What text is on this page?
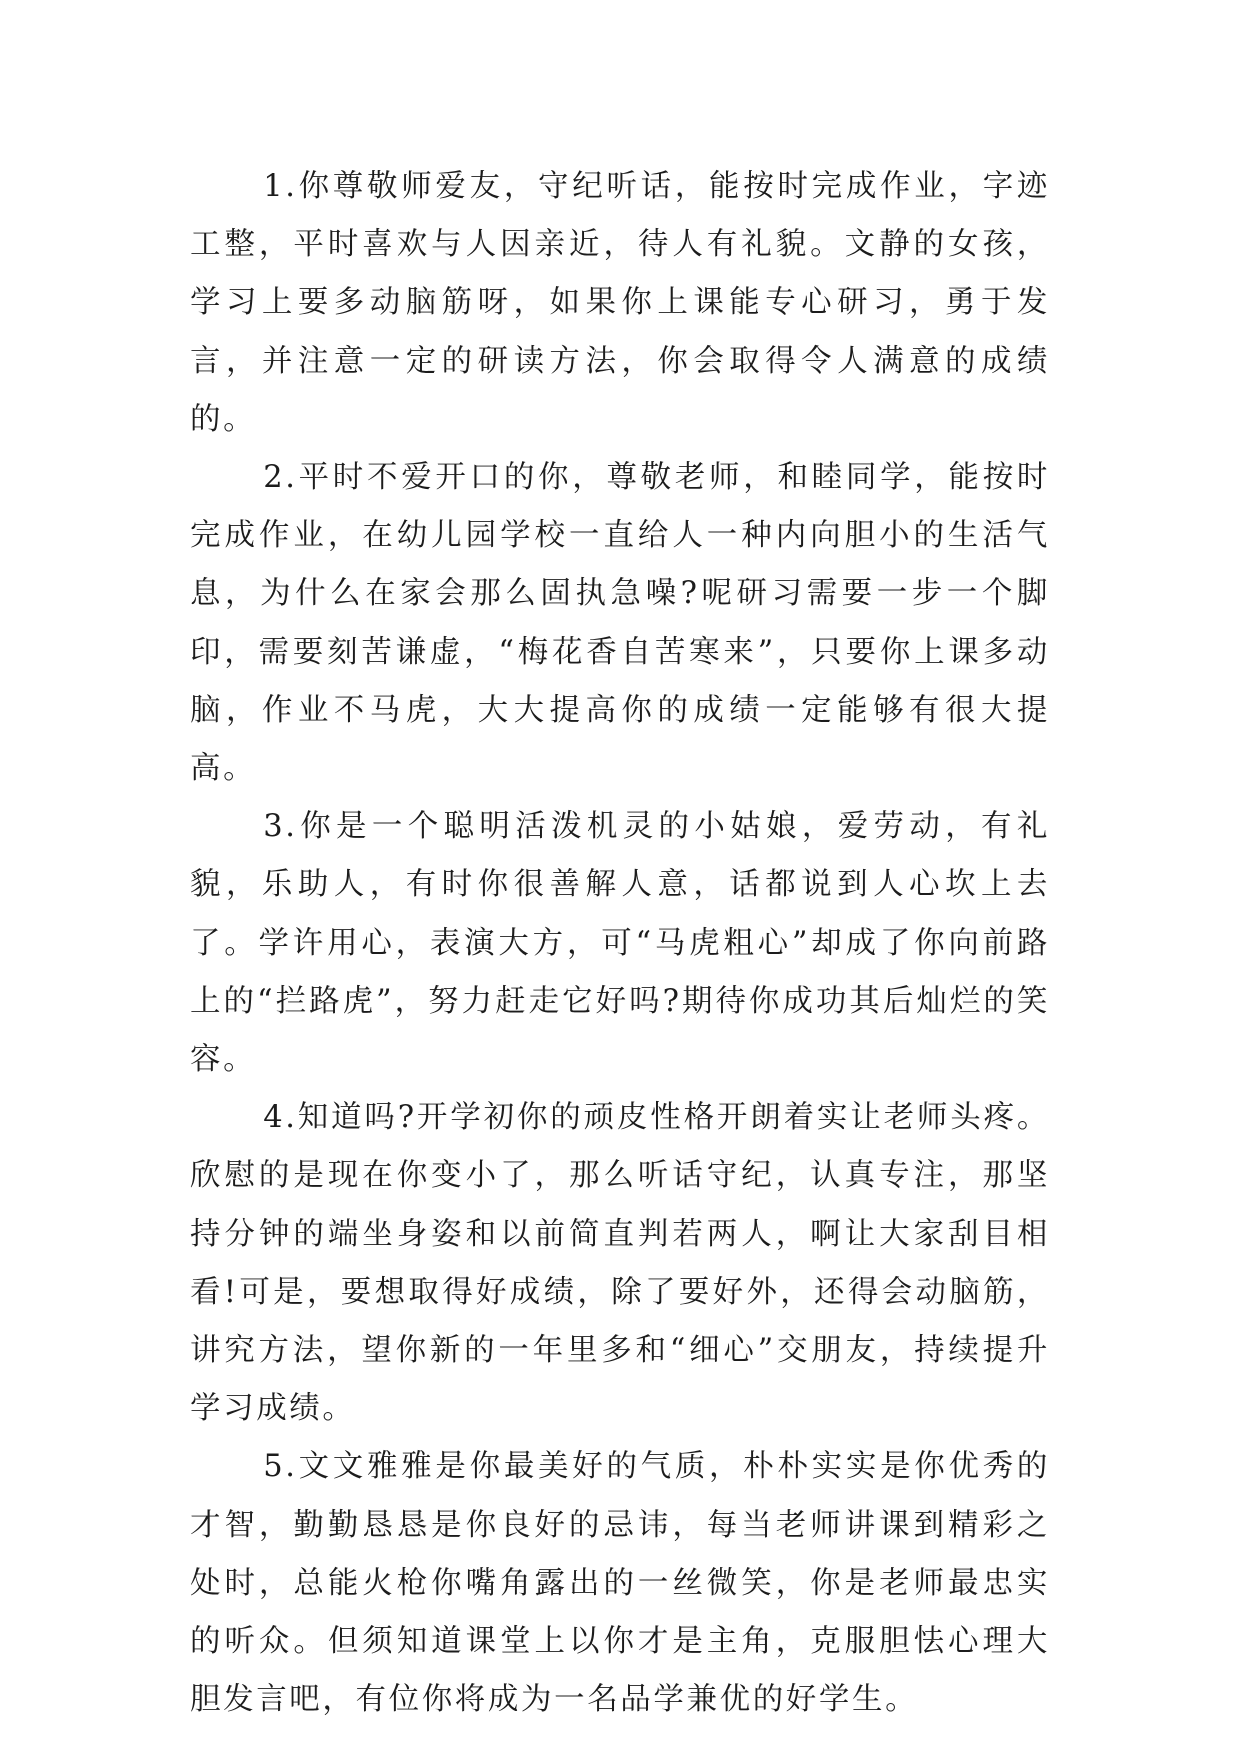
1.你尊敬师爱友，守纪听话，能按时完成作业，字迹工整，平时喜欢与人因亲近，待人有礼貌。文静的女孩，学习上要多动脑筋呀，如果你上课能专心研习，勇于发言，并注意一定的研读方法，你会取得令人满意的成绩的。

2.平时不爱开口的你，尊敬老师，和睦同学，能按时完成作业，在幼儿园学校一直给人一种内向胆小的生活气息，为什么在家会那么固执急噪?呢研习需要一步一个脚印，需要刻苦谦虚，“梅花香自苦寒来”，只要你上课多动脑，作业不马虎，大大提高你的成绩一定能够有很大提高。

3.你是一个聪明活泼机灵的小姑娘，爱劳动，有礼貌，乐助人，有时你很善解人意，话都说到人心坎上去了。学许用心，表演大方，可“马虎粗心”却成了你向前路上的“拦路虎”，努力赶走它好吗?期待你成功其后灿烂的笑容。

4.知道吗?开学初你的顽皮性格开朗着实让老师头疼。欣慰的是现在你变小了，那么听话守纪，认真专注，那坚持分钟的端坐身姿和以前简直判若两人，啊让大家刮目相看!可是，要想取得好成绩，除了要好外，还得会动脑筋，讲究方法，望你新的一年里多和“细心”交朋友，持续提升学习成绩。

5.文文雅雅是你最美好的气质，朴朴实实是你优秀的才智，勤勤恳恳是你良好的忌讳，每当老师讲课到精彩之处时，总能火枪你嘴角露出的一丝微笑，你是老师最忠实的听众。但须知道课堂上以你才是主角，克服胆怯心理大胆发言吧，有位你将成为一名品学兼优的好学生。
